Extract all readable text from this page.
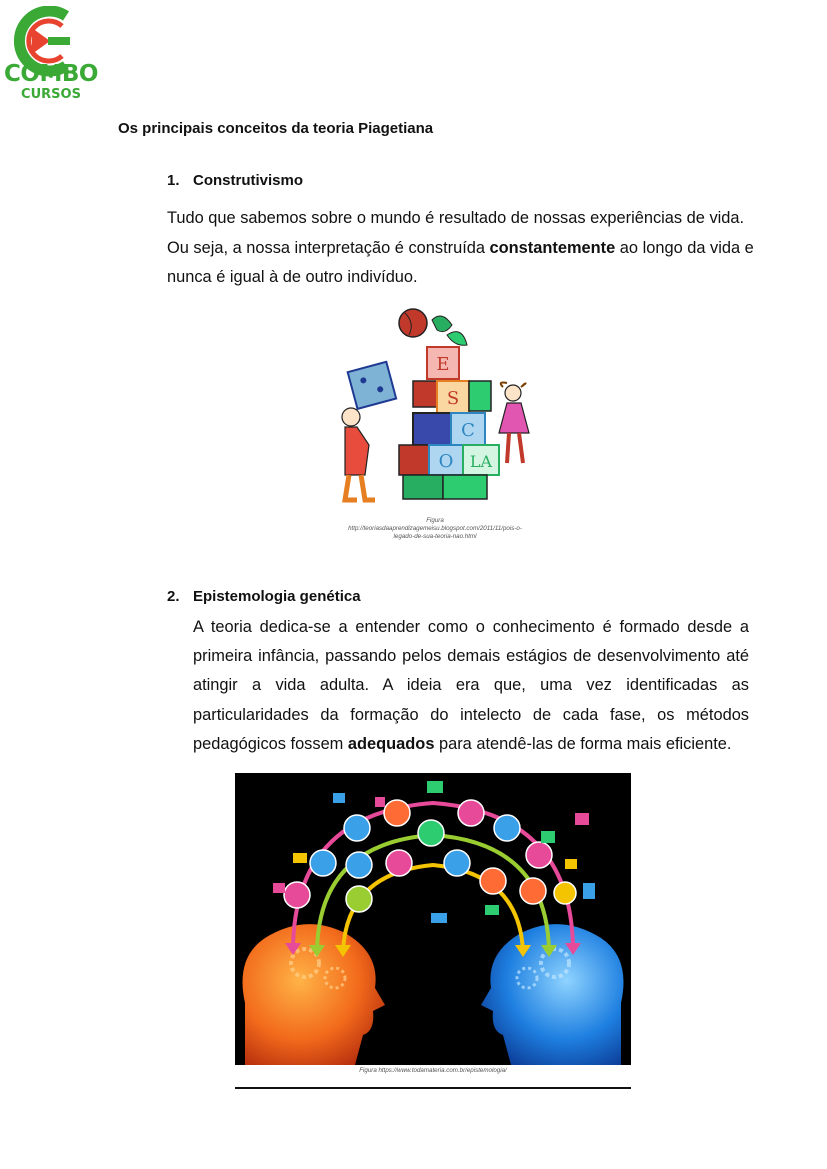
COMBO
CURSOS
Os principais conceitos da teoria Piagetiana
1. Construtivismo

Tudo que sabemos sobre o mundo é resultado de nossas experiências de vida. Ou seja, a nossa interpretação é construída constantemente ao longo da vida e nunca é igual à de outro indivíduo.

E
S
C
O LA
Figura
http://teoriasdaaprendizagemeisu.blogspot.com/2011/11/pois-o-
legado-de-sua-teoria-nao.html
2. Epistemologia genética

A teoria dedica-se a entender como o conhecimento é formado desde a primeira infância, passando pelos demais estágios de desenvolvimento até atingir a vida adulta. A ideia era que, uma vez identificadas as particularidades da formação do intelecto de cada fase, os métodos pedagógicos fossem adequados para atendê-las de forma mais eficiente.

Figura https://www.todamateria.com.br/epistemologia/
